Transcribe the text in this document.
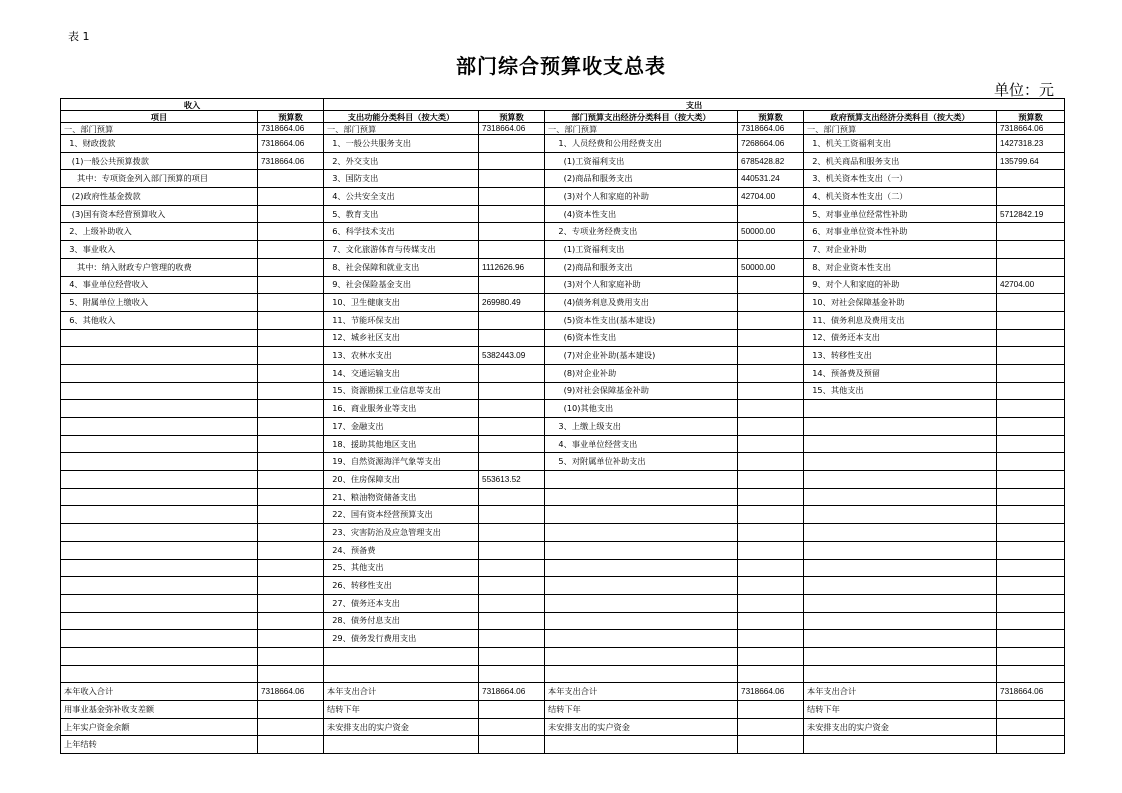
表 1
部门综合预算收支总表
单位：元
收入		支出					
项目	预算数	支出功能分类科目（按大类）	预算数	部门预算支出经济分类科目（按大类）	预算数	政府预算支出经济分类科目（按大类）	预算数
一、部门预算	7318664.06	一、部门预算	7318664.06	一、部门预算	7318664.06	一、部门预算	7318664.06
1、财政拨款	7318664.06	1、一般公共服务支出		1、人员经费和公用经费支出	7268664.06	1、机关工资福利支出	1427318.23
(1)一般公共预算拨款	7318664.06	2、外交支出		(1)工资福利支出	6785428.82	2、机关商品和服务支出	135799.64
其中：专项资金列入部门预算的项目		3、国防支出		(2)商品和服务支出	440531.24	3、机关资本性支出（一）	
(2)政府性基金拨款		4、公共安全支出		(3)对个人和家庭的补助	42704.00	4、机关资本性支出（二）	
(3)国有资本经营预算收入		5、教育支出		(4)资本性支出		5、对事业单位经常性补助	5712842.19
2、上级补助收入		6、科学技术支出		2、专项业务经费支出	50000.00	6、对事业单位资本性补助	
3、事业收入		7、文化旅游体育与传媒支出		(1)工资福利支出		7、对企业补助	
其中：纳入财政专户管理的收费		8、社会保障和就业支出	1112626.96	(2)商品和服务支出	50000.00	8、对企业资本性支出	
4、事业单位经营收入		9、社会保险基金支出		(3)对个人和家庭补助		9、对个人和家庭的补助	42704.00
5、附属单位上缴收入		10、卫生健康支出	269980.49	(4)债务利息及费用支出		10、对社会保障基金补助	
6、其他收入		11、节能环保支出		(5)资本性支出(基本建设)		11、债务利息及费用支出	
		12、城乡社区支出		(6)资本性支出		12、债务还本支出	
		13、农林水支出	5382443.09	(7)对企业补助(基本建设)		13、转移性支出	
		14、交通运输支出		(8)对企业补助		14、预备费及预留	
		15、资源勘探工业信息等支出		(9)对社会保障基金补助		15、其他支出	
		16、商业服务业等支出		(10)其他支出			
		17、金融支出		3、上缴上级支出			
		18、援助其他地区支出		4、事业单位经营支出			
		19、自然资源海洋气象等支出		5、对附属单位补助支出			
		20、住房保障支出	553613.52				
		21、粮油物资储备支出					
		22、国有资本经营预算支出					
		23、灾害防治及应急管理支出					
		24、预备费					
		25、其他支出					
		26、转移性支出					
		27、债务还本支出					
		28、债务付息支出					
		29、债务发行费用支出					

本年收入合计	7318664.06	本年支出合计	7318664.06	本年支出合计	7318664.06	本年支出合计	7318664.06
用事业基金弥补收支差额		结转下年		结转下年		结转下年	
上年实户资金余额		未安排支出的实户资金		未安排支出的实户资金		未安排支出的实户资金	
上年结转							
